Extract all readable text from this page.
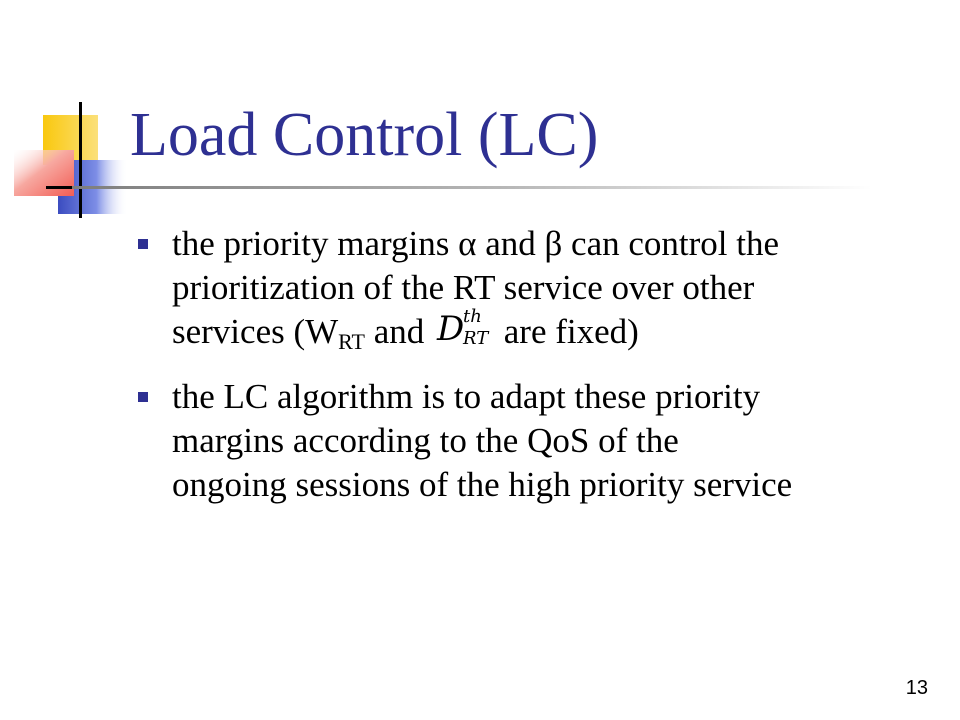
Load Control (LC)
the priority margins α and β can control the
prioritization of the RT service over other
services ($W_{RT}$ and D
th
RT are fixed)
the LC algorithm is to adapt these priority
margins according to the QoS of the
ongoing sessions of the high priority service
13
